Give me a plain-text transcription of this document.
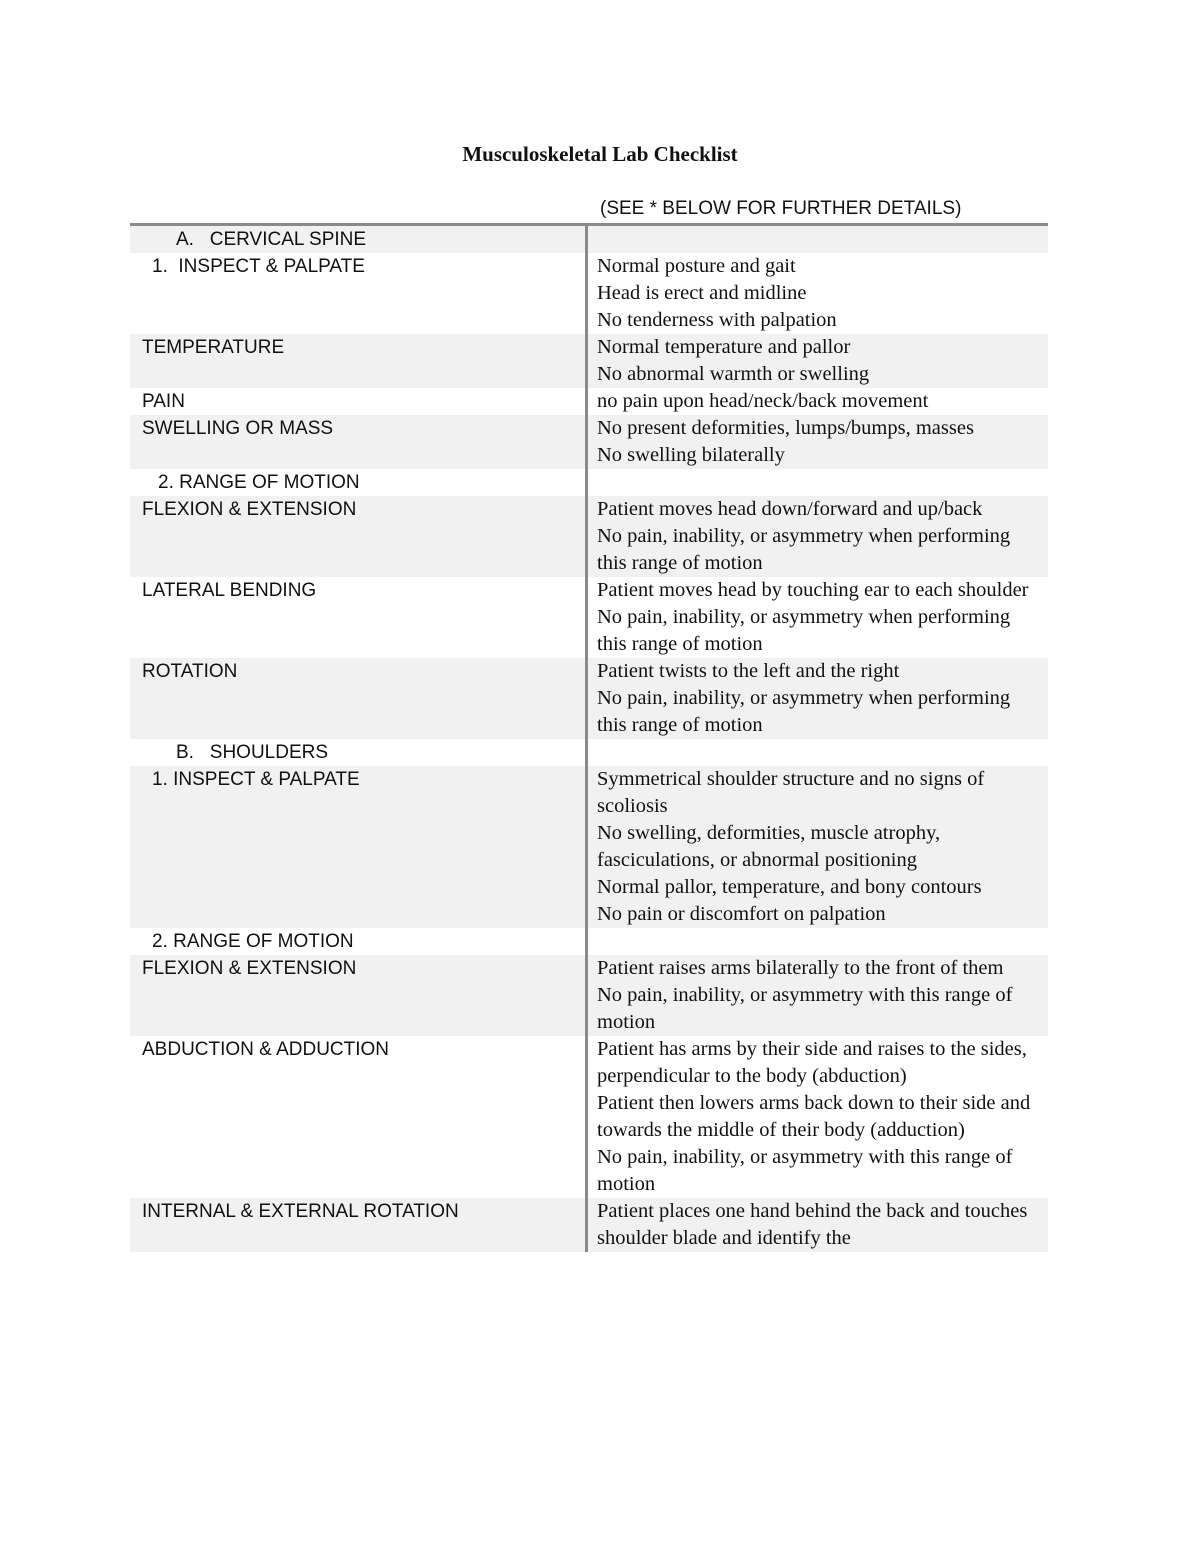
Musculoskeletal Lab Checklist
(SEE * BELOW FOR FURTHER DETAILS)
A.   CERVICAL SPINE
1.  INSPECT & PALPATE	Normal posture and gait
Head is erect and midline
No tenderness with palpation
TEMPERATURE	Normal temperature and pallor
No abnormal warmth or swelling
PAIN	no pain upon head/neck/back movement
SWELLING OR MASS	No present deformities, lumps/bumps, masses
No swelling bilaterally
2. RANGE OF MOTION
FLEXION & EXTENSION	Patient moves head down/forward and up/back
No pain, inability, or asymmetry when performing this range of motion
LATERAL BENDING	Patient moves head by touching ear to each shoulder
No pain, inability, or asymmetry when performing this range of motion
ROTATION	Patient twists to the left and the right
No pain, inability, or asymmetry when performing this range of motion
B.   SHOULDERS
1. INSPECT & PALPATE	Symmetrical shoulder structure and no signs of scoliosis
No swelling, deformities, muscle atrophy, fasciculations, or abnormal positioning
Normal pallor, temperature, and bony contours
No pain or discomfort on palpation
2. RANGE OF MOTION
FLEXION & EXTENSION	Patient raises arms bilaterally to the front of them
No pain, inability, or asymmetry with this range of motion
ABDUCTION & ADDUCTION	Patient has arms by their side and raises to the sides, perpendicular to the body (abduction)
Patient then lowers arms back down to their side and towards the middle of their body (adduction)
No pain, inability, or asymmetry with this range of motion
INTERNAL & EXTERNAL ROTATION	Patient places one hand behind the back and touches shoulder blade and identify the
